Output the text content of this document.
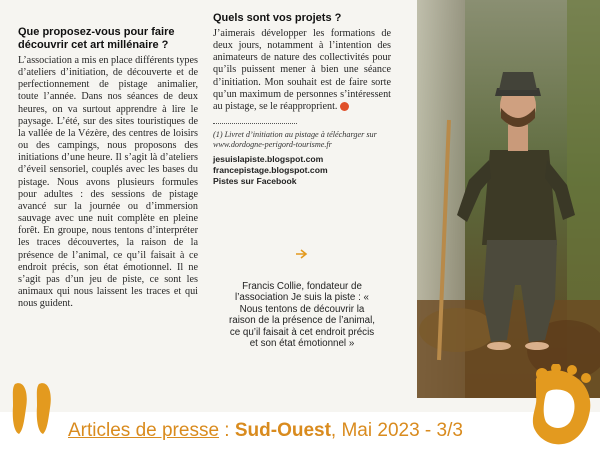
Que proposez-vous pour faire découvrir cet art millénaire ?

L’association a mis en place différents types d’ateliers d’initiation, de découverte et de perfectionnement de pistage animalier, toute l’année. Dans nos séances de deux heures, on va surtout apprendre à lire le paysage. L’été, sur des sites touristiques de la vallée de la Vézère, des centres de loisirs ou des campings, nous proposons des initiations d’une heure. Il s’agit là d’ateliers d’éveil sensoriel, couplés avec les bases du pistage. Nous avons plusieurs formules pour adultes : des sessions de pistage avancé sur la journée ou d’immersion sauvage avec une nuit complète en pleine forêt. En groupe, nous tentons d’interpréter les traces découvertes, la raison de la présence de l’animal, ce qu’il faisait à ce endroit précis, son état émotionnel. Il ne s’agit pas d’un jeu de piste, ce sont les animaux qui nous laissent les traces et qui nous guident.

Quels sont vos projets ?

J’aimerais développer les formations de deux jours, notamment à l’intention des animateurs de nature des collectivités pour qu’ils puissent mener à bien une séance d’initiation. Mon souhait est de faire sorte qu’un maximum de personnes s’intéressent au pistage, se le réapproprient.

(1) Livret d’initiation au pistage à télécharger sur www.dordogne-perigord-tourisme.fr

jesuislapiste.blogspot.com
francepistage.blogspot.com
Pistes sur Facebook
Francis Collie, fondateur de l’association Je suis la piste : « Nous tentons de découvrir la raison de la présence de l’animal, ce qu’il faisait à cet endroit précis et son état émotionnel »
Articles de presse : Sud-Ouest, Mai 2023 - 3/3
